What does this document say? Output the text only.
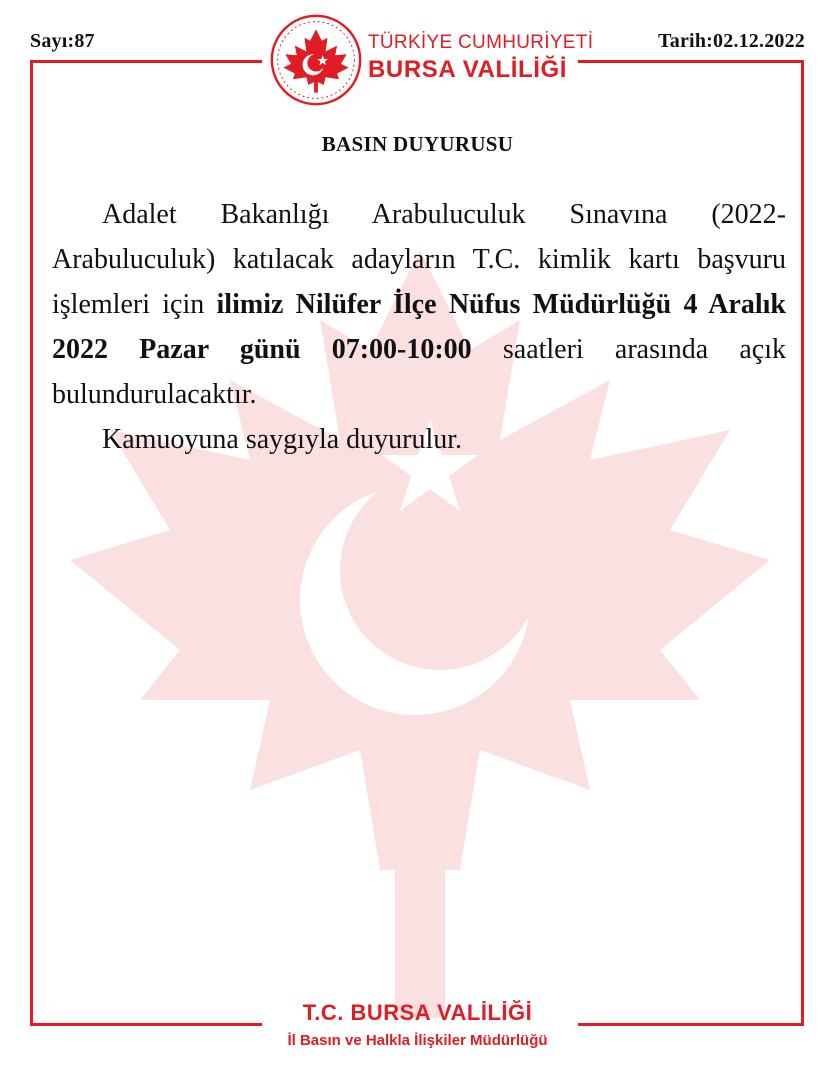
Sayı:87	Tarih:02.12.2022
TÜRKİYE CUMHURİYETİ
BURSA VALİLİĞİ
BASIN DUYURUSU

Adalet Bakanlığı Arabuluculuk Sınavına (2022-Arabuluculuk) katılacak adayların T.C. kimlik kartı başvuru işlemleri için ilimiz Nilüfer İlçe Nüfus Müdürlüğü 4 Aralık 2022 Pazar günü 07:00-10:00 saatleri arasında açık bulundurulacaktır.

Kamuoyuna saygıyla duyurulur.

T.C. BURSA VALİLİĞİ
İl Basın ve Halkla İlişkiler Müdürlüğü
